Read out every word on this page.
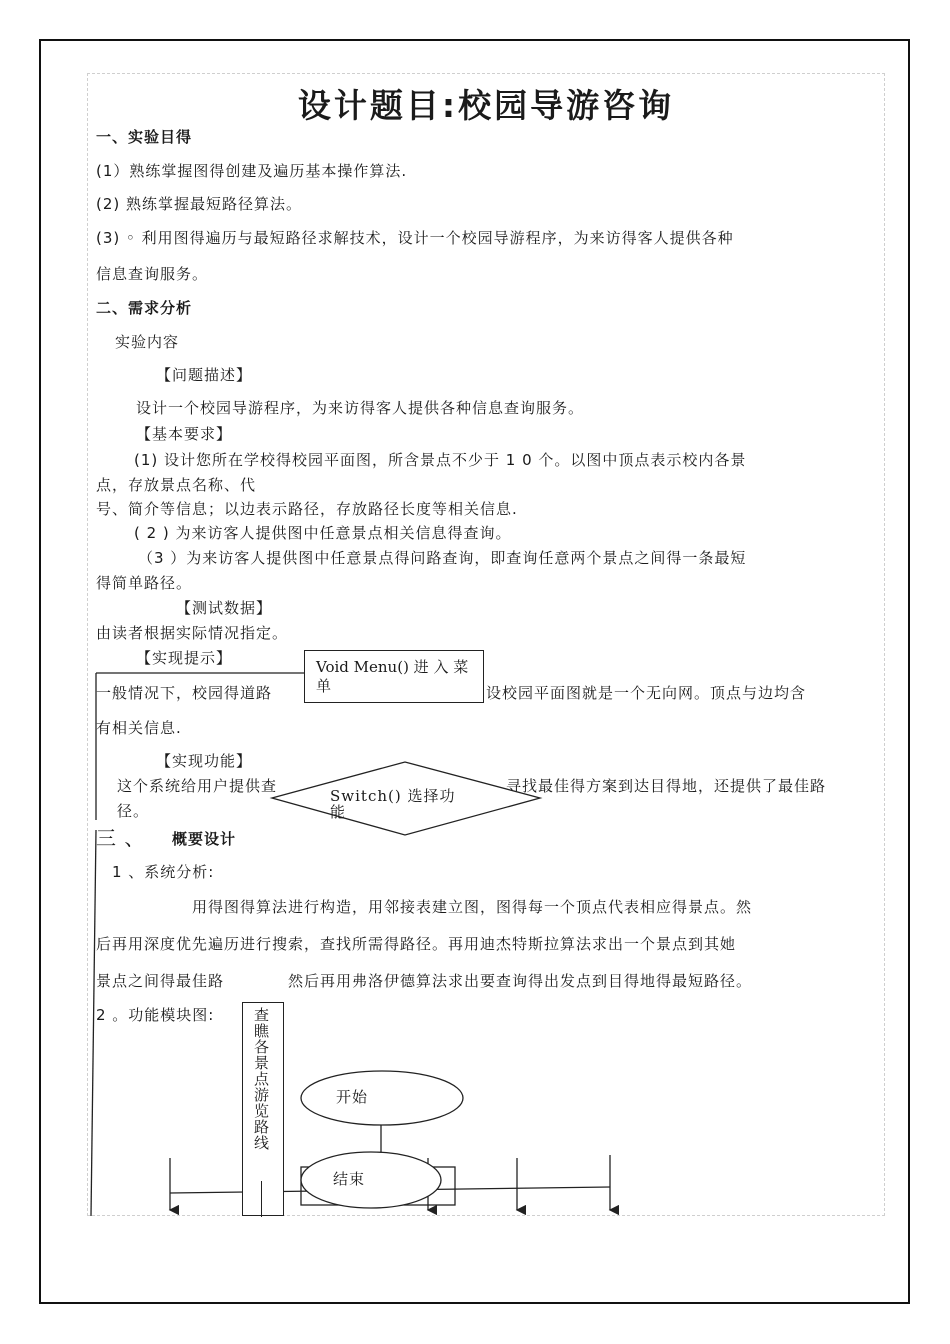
设计题目:校园导游咨询
一、实验目得
(1）熟练掌握图得创建及遍历基本操作算法.
(2) 熟练掌握最短路径算法。
(3) ◦ 利用图得遍历与最短路径求解技术，设计一个校园导游程序，为来访得客人提供各种
信息查询服务。
二、需求分析
实验内容
【问题描述】
设计一个校园导游程序，为来访得客人提供各种信息查询服务。
【基本要求】
(1) 设计您所在学校得校园平面图，所含景点不少于 1 0 个。以图中顶点表示校内各景
点，存放景点名称、代
号、简介等信息；以边表示路径，存放路径长度等相关信息.
( 2 ) 为来访客人提供图中任意景点相关信息得查询。
（3 ）为来访客人提供图中任意景点得问路查询，即查询任意两个景点之间得一条最短
得简单路径。
【测试数据】
由读者根据实际情况指定。
【实现提示】
一般情况下，校园得道路	设校园平面图就是一个无向网。顶点与边均含
有相关信息.
【实现功能】
这个系统给用户提供查	寻找最佳得方案到达目得地，还提供了最佳路
径。
三 、 概要设计
1 、系统分析:
用得图得算法进行构造，用邻接表建立图，图得每一个顶点代表相应得景点。然
后再用深度优先遍历进行搜索，查找所需得路径。再用迪杰特斯拉算法求出一个景点到其她
景点之间得最佳路	然后再用弗洛伊德算法求出要查询得出发点到目得地得最短路径。
2 。功能模块图:
Void Menu() 进 入 菜单
Switch() 选择功能
查瞧各景点游览路线
开始
结束
